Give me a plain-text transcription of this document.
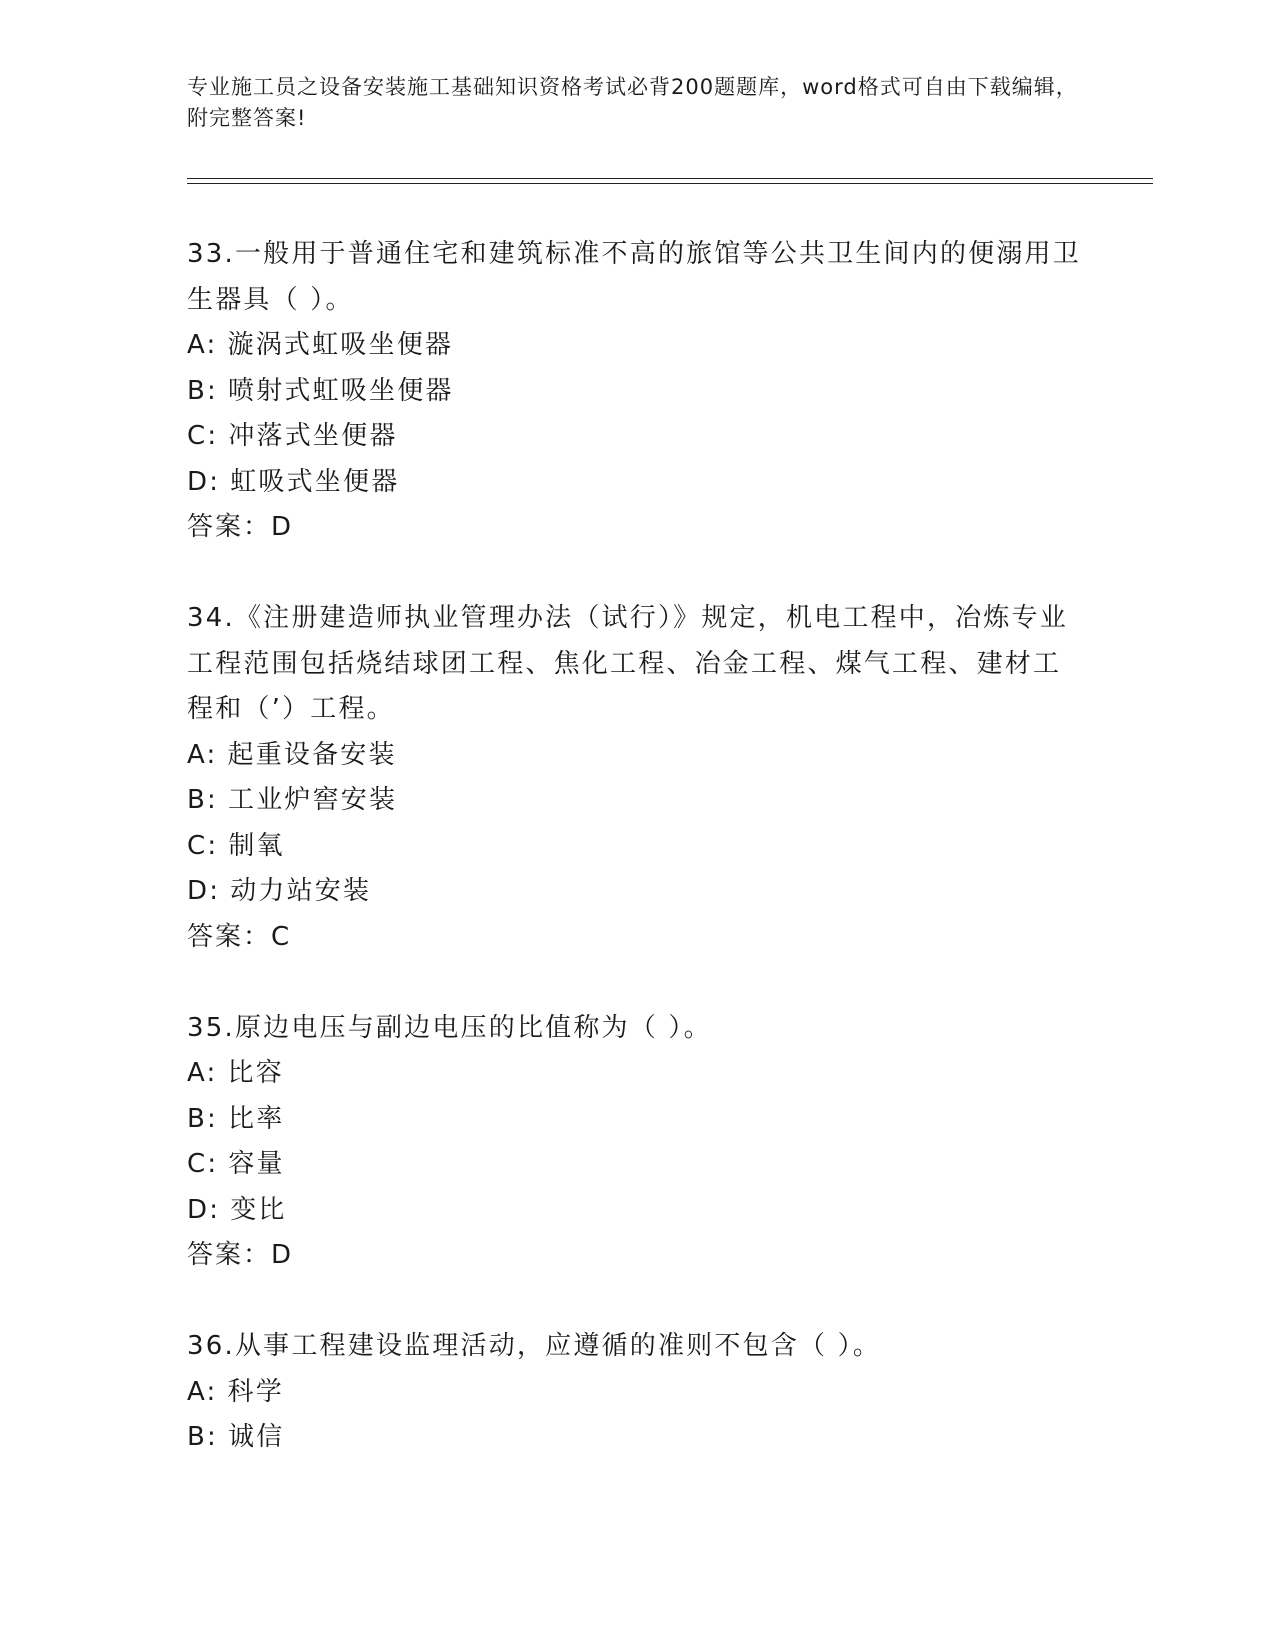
专业施工员之设备安装施工基础知识资格考试必背200题题库，word格式可自由下载编辑，附完整答案!

33.一般用于普通住宅和建筑标准不高的旅馆等公共卫生间内的便溺用卫生器具（ ）。

A: 漩涡式虹吸坐便器

B: 喷射式虹吸坐便器

C: 冲落式坐便器

D: 虹吸式坐便器

答案：D

34.《注册建造师执业管理办法（试行）》规定，机电工程中，冶炼专业工程范围包括烧结球团工程、焦化工程、冶金工程、煤气工程、建材工程和（’）工程。

A: 起重设备安装

B: 工业炉窖安装

C: 制氧

D: 动力站安装

答案：C

35.原边电压与副边电压的比值称为（ ）。

A: 比容

B: 比率

C: 容量

D: 变比

答案：D

36.从事工程建设监理活动，应遵循的准则不包含（ ）。

A: 科学

B: 诚信
